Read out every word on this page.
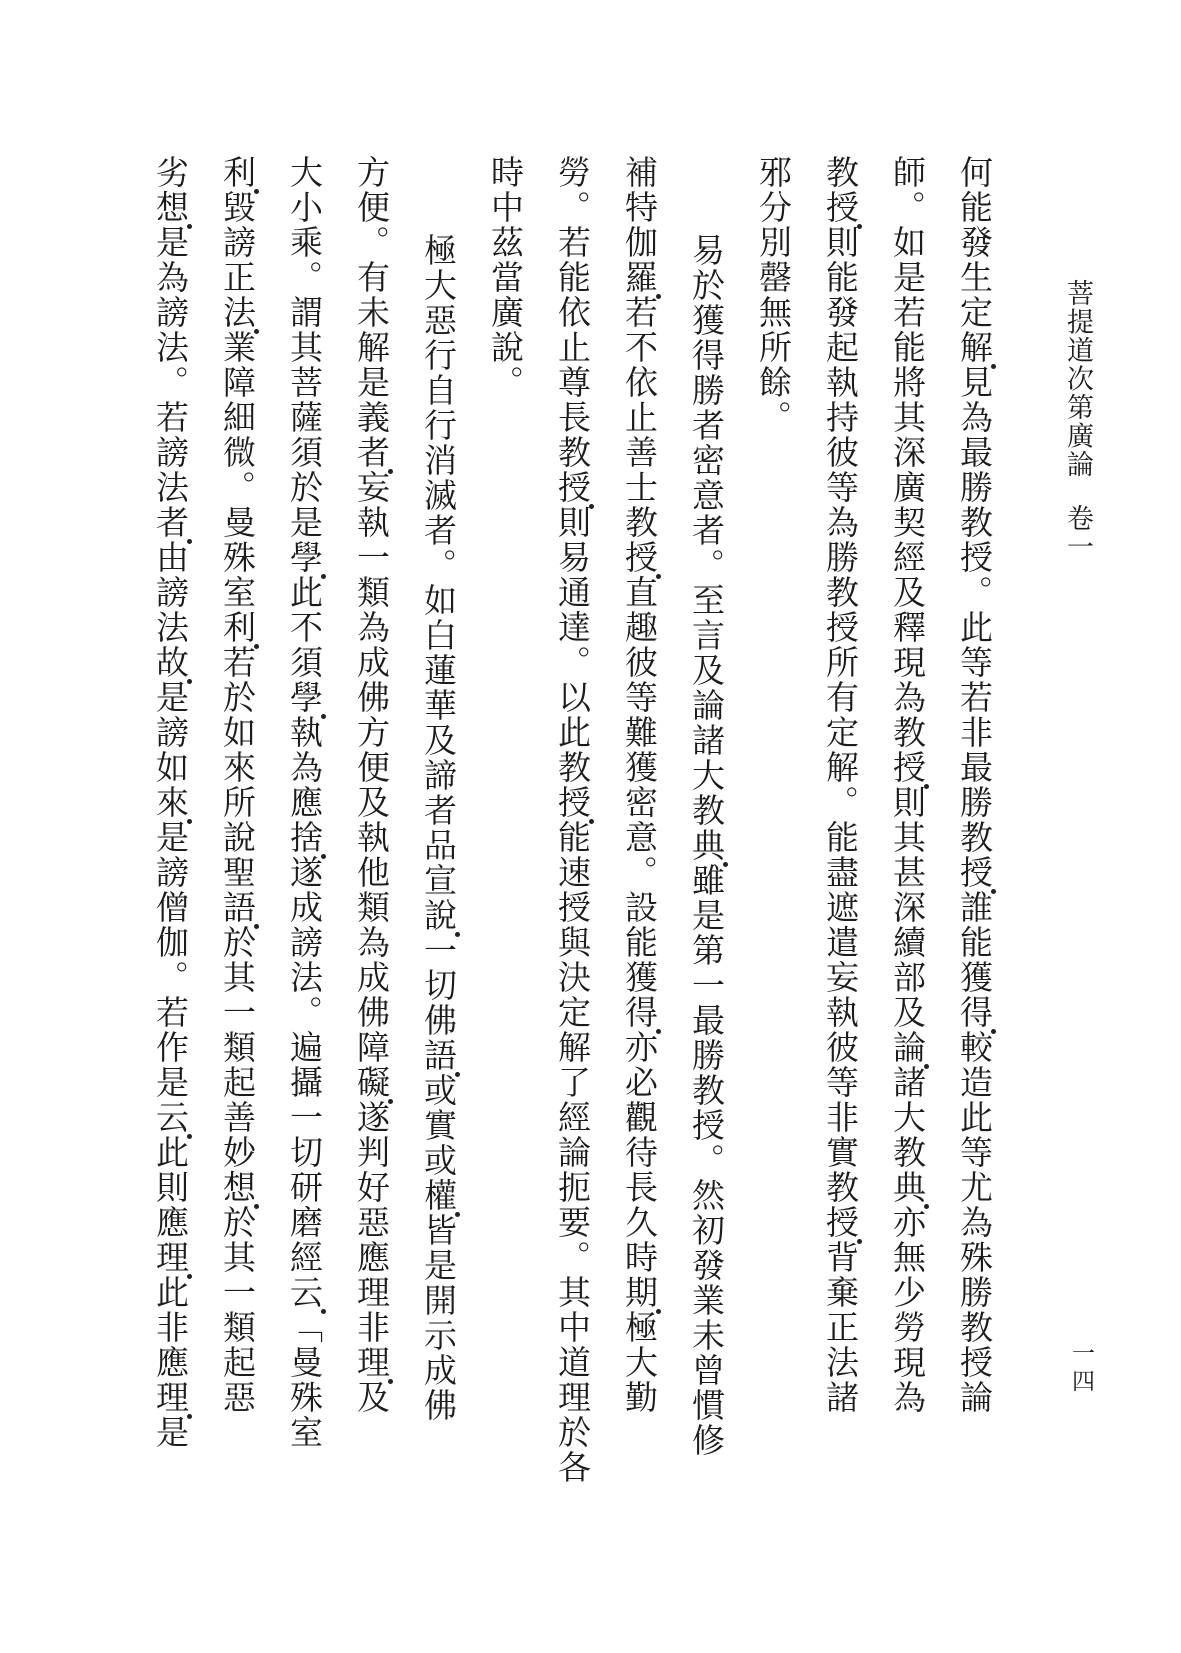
菩提道次第廣論卷一
何能發生定解
見為最勝教授。此等若非最勝教授
誰能獲得
較造此等尤為殊勝教授論
師。如是若能將其深廣契經及釋現為教授
則其甚深續部及論
諸大教典
亦無少勞現為
教授
則能發起執持彼等為勝教授所有定解。能盡遮遣妄執彼等非實教授
背棄正法諸
邪分別罄無所餘。
易於獲得勝者密意者。至言及論諸大教典
雖是第一最勝教授。然初發業未曾慣修
補特伽羅
若不依止善士教授
直趣彼等難獲密意。設能獲得
亦必觀待長久時期
極大勤
勞。若能依止尊長教授
則易通達。以此教授
能速授與決定解了經論扼要。其中道理於各
時中茲當廣說。
極大惡行自行消滅者。如白蓮華及諦者品宣說
一切佛語
或實或權
皆是開示成佛
方便。有未解是義者
妄執一類為成佛方便及執他類為成佛障礙
遂判好惡應理非理
及
大小乘。謂其菩薩須於是學
此不須學
執為應捨
遂成謗法。遍攝一切研磨經云
「曼殊室
利
毀謗正法
業障細微。曼殊室利
若於如來所說聖語
於其一類起善妙想
於其一類起惡
劣想
是為謗法。若謗法者
由謗法故
是謗如來
是謗僧伽。若作是云
此則應理
此非應理
是
一四
